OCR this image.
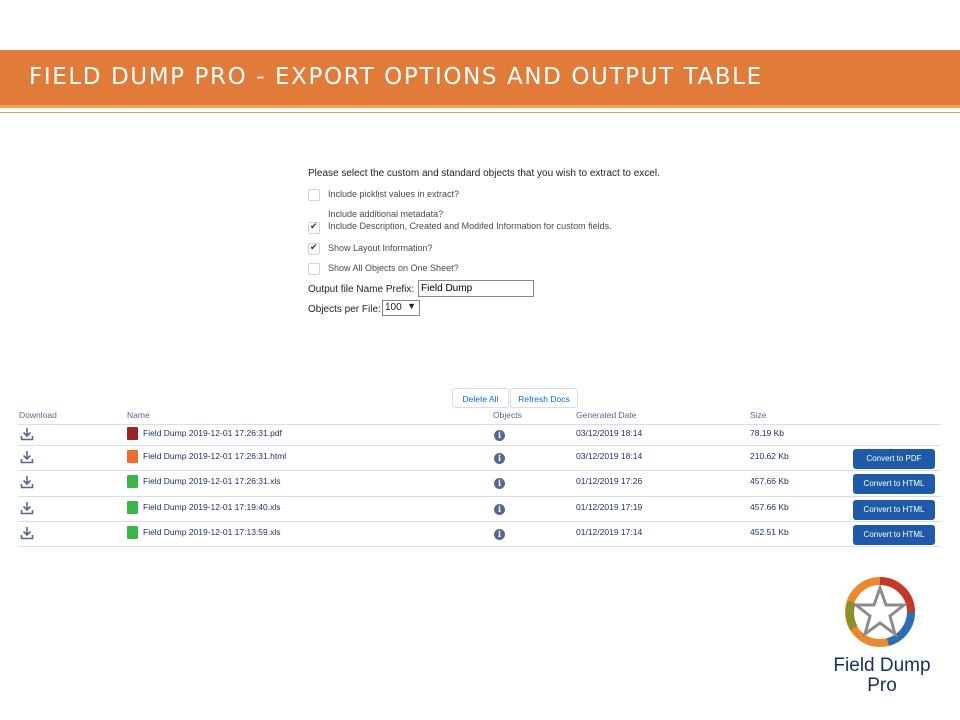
FIELD DUMP PRO - EXPORT OPTIONS AND OUTPUT TABLE
Please select the custom and standard objects that you wish to extract to excel.
Include picklist values in extract?
Include additional metadata?
✔
Include Description, Created and Modifed Information for custom fields.
✔
Show Layout Information?
Show All Objects on One Sheet?
Output file Name Prefix:
Field Dump
Objects per File: 100 ▼
Delete All	Refresh Docs
Download	Name	Objects	Generated Date	Size
Field Dump 2019-12-01 17:26:31.pdf	i	03/12/2019 18:14	78.19 Kb
Field Dump 2019-12-01 17:26:31.html	i	03/12/2019 18:14	210.62 Kb	Convert to PDF
Field Dump 2019-12-01 17:26:31.xls	i	01/12/2019 17:26	457.66 Kb	Convert to HTML
Field Dump 2019-12-01 17:19:40.xls	i	01/12/2019 17:19	457.66 Kb	Convert to HTML
Field Dump 2019-12-01 17:13:59.xls	i	01/12/2019 17:14	452.51 Kb	Convert to HTML
Field Dump
Pro
